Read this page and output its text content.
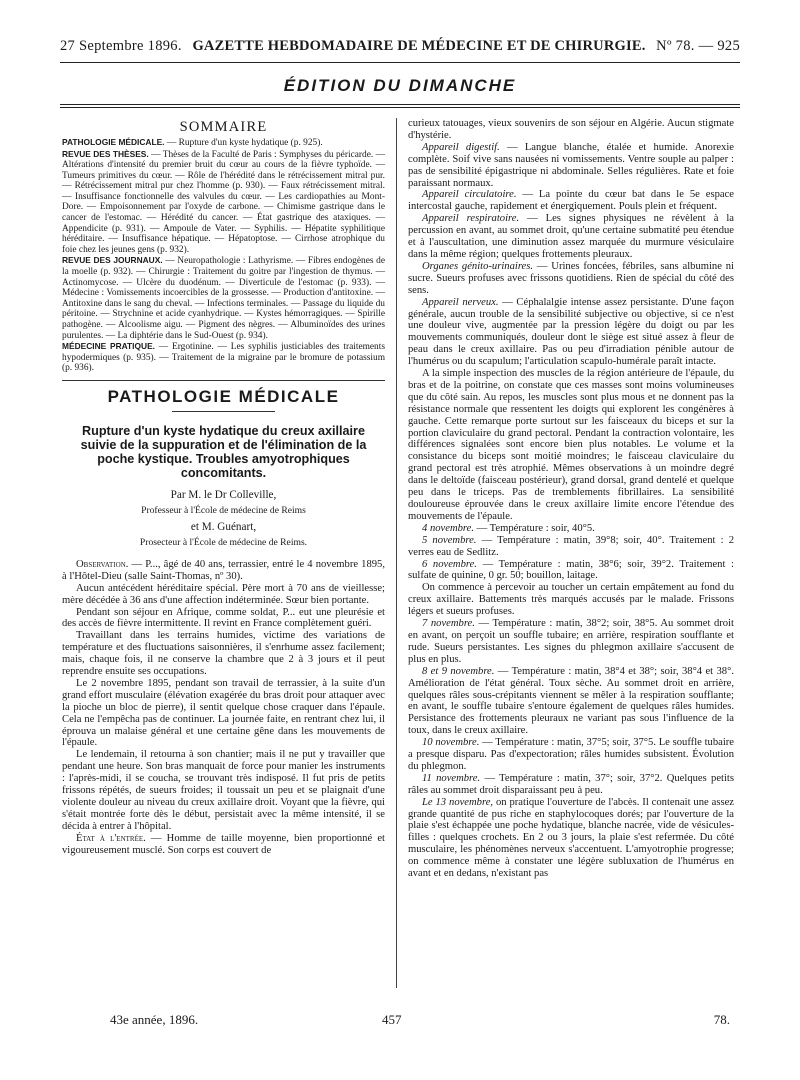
27 Septembre 1896. GAZETTE HEBDOMADAIRE DE MÉDECINE ET DE CHIRURGIE. Nº 78. — 925
ÉDITION DU DIMANCHE
SOMMAIRE

PATHOLOGIE MÉDICALE. — Rupture d'un kyste hydatique (p. 925).

REVUE DES THÈSES. — Thèses de la Faculté de Paris : Symphyses du péricarde. — Altérations d'intensité du premier bruit du cœur au cours de la fièvre typhoïde. — Tumeurs primitives du cœur. — Rôle de l'hérédité dans le rétrécissement mitral pur. — Rétrécissement mitral pur chez l'homme (p. 930). — Faux rétrécissement mitral. — Insuffisance fonctionnelle des valvules du cœur. — Les cardiopathies au Mont-Dore. — Empoisonnement par l'oxyde de carbone. — Chimisme gastrique dans le cancer de l'estomac. — Hérédité du cancer. — État gastrique des ataxiques. — Appendicite (p. 931). — Ampoule de Vater. — Syphilis. — Hépatite syphilitique héréditaire. — Insuffisance hépatique. — Hépatoptose. — Cirrhose atrophique du foie chez les jeunes gens (p. 932).

REVUE DES JOURNAUX. — Neuropathologie : Lathyrisme. — Fibres endogènes de la moelle (p. 932). — Chirurgie : Traitement du goitre par l'ingestion de thymus. — Actinomycose. — Ulcère du duodénum. — Diverticule de l'estomac (p. 933). — Médecine : Vomissements incoercibles de la grossesse. — Production d'antitoxine. — Antitoxine dans le sang du cheval. — Infections terminales. — Passage du liquide du péritoine. — Strychnine et acide cyanhydrique. — Kystes hémorragiques. — Spirille pathogène. — Alcoolisme aigu. — Pigment des nègres. — Albuminoïdes des urines purulentes. — La diphtérie dans le Sud-Ouest (p. 934).

MÉDECINE PRATIQUE. — Ergotinine. — Les syphilis justiciables des traitements hypodermiques (p. 935). — Traitement de la migraine par le bromure de potassium (p. 936).

PATHOLOGIE MÉDICALE
Rupture d'un kyste hydatique du creux axillaire suivie de la suppuration et de l'élimination de la poche kystique. Troubles amyotrophiques concomitants.
Par M. le Dr Colleville,
Professeur à l'École de médecine de Reims
et M. Guénart,
Prosecteur à l'École de médecine de Reims.

Observation. — P..., âgé de 40 ans, terrassier, entré le 4 novembre 1895, à l'Hôtel-Dieu (salle Saint-Thomas, nº 30).

Aucun antécédent héréditaire spécial. Père mort à 70 ans de vieillesse; mère décédée à 36 ans d'une affection indéterminée. Sœur bien portante.

Pendant son séjour en Afrique, comme soldat, P... eut une pleurésie et des accès de fièvre intermittente. Il revint en France complètement guéri.

Travaillant dans les terrains humides, victime des variations de température et des fluctuations saisonnières, il s'enrhume assez facilement; mais, chaque fois, il ne conserve la chambre que 2 à 3 jours et il peut reprendre ensuite ses occupations.

Le 2 novembre 1895, pendant son travail de terrassier, à la suite d'un grand effort musculaire (élévation exagérée du bras droit pour attaquer avec la pioche un bloc de pierre), il sentit quelque chose craquer dans l'épaule. Cela ne l'empêcha pas de continuer. La journée faite, en rentrant chez lui, il éprouva un malaise général et une certaine gêne dans les mouvements de l'épaule.

Le lendemain, il retourna à son chantier; mais il ne put y travailler que pendant une heure. Son bras manquait de force pour manier les instruments : l'après-midi, il se coucha, se trouvant très indisposé. Il fut pris de petits frissons répétés, de sueurs froides; il toussait un peu et se plaignait d'une violente douleur au niveau du creux axillaire droit. Voyant que la fièvre, qui s'était montrée forte dès le début, persistait avec la même intensité, il se décida à entrer à l'hôpital.

État à l'entrée. — Homme de taille moyenne, bien proportionné et vigoureusement musclé. Son corps est couvert de

curieux tatouages, vieux souvenirs de son séjour en Algérie. Aucun stigmate d'hystérie.

Appareil digestif. — Langue blanche, étalée et humide. Anorexie complète. Soif vive sans nausées ni vomissements. Ventre souple au palper : pas de sensibilité épigastrique ni abdominale. Selles régulières. Rate et foie paraissant normaux.

Appareil circulatoire. — La pointe du cœur bat dans le 5e espace intercostal gauche, rapidement et énergiquement. Pouls plein et fréquent.

Appareil respiratoire. — Les signes physiques ne révèlent à la percussion en avant, au sommet droit, qu'une certaine submatité peu étendue et à l'auscultation, une diminution assez marquée du murmure vésiculaire dans la même région; quelques frottements pleuraux.

Organes génito-urinaires. — Urines foncées, fébriles, sans albumine ni sucre. Sueurs profuses avec frissons quotidiens. Rien de spécial du côté des sens.

Appareil nerveux. — Céphalalgie intense assez persistante. D'une façon générale, aucun trouble de la sensibilité subjective ou objective, si ce n'est une douleur vive, augmentée par la pression légère du doigt ou par les mouvements communiqués, douleur dont le siège est situé assez à fleur de peau dans le creux axillaire. Pas ou peu d'irradiation pénible autour de l'humérus ou du scapulum; l'articulation scapulo-humérale paraît intacte.

A la simple inspection des muscles de la région antérieure de l'épaule, du bras et de la poitrine, on constate que ces masses sont moins volumineuses que du côté sain. Au repos, les muscles sont plus mous et ne donnent pas la résistance normale que ressentent les doigts qui explorent les congénères à gauche. Cette remarque porte surtout sur les faisceaux du biceps et sur la portion claviculaire du grand pectoral. Pendant la contraction volontaire, les différences signalées sont encore bien plus notables. Le volume et la consistance du biceps sont moitié moindres; le faisceau claviculaire du grand pectoral est très atrophié. Mêmes observations à un moindre degré dans le deltoïde (faisceau postérieur), grand dorsal, grand dentelé et quelque peu dans le triceps. Pas de tremblements fibrillaires. La sensibilité douloureuse éprouvée dans le creux axillaire limite encore l'étendue des mouvements de l'épaule.

4 novembre. — Température : soir, 40°5.

5 novembre. — Température : matin, 39°8; soir, 40°. Traitement : 2 verres eau de Sedlitz.

6 novembre. — Température : matin, 38°6; soir, 39°2. Traitement : sulfate de quinine, 0 gr. 50; bouillon, laitage.

On commence à percevoir au toucher un certain empâtement au fond du creux axillaire. Battements très marqués accusés par le malade. Frissons légers et sueurs profuses.

7 novembre. — Température : matin, 38°2; soir, 38°5. Au sommet droit en avant, on perçoit un souffle tubaire; en arrière, respiration soufflante et rude. Sueurs persistantes. Les signes du phlegmon axillaire s'accusent de plus en plus.

8 et 9 novembre. — Température : matin, 38°4 et 38°; soir, 38°4 et 38°. Amélioration de l'état général. Toux sèche. Au sommet droit en arrière, quelques râles sous-crépitants viennent se mêler à la respiration soufflante; en avant, le souffle tubaire s'entoure également de quelques râles humides. Persistance des frottements pleuraux ne variant pas sous l'influence de la toux, dans le creux axillaire.

10 novembre. — Température : matin, 37°5; soir, 37°5. Le souffle tubaire a presque disparu. Pas d'expectoration; râles humides subsistent. Évolution du phlegmon.

11 novembre. — Température : matin, 37°; soir, 37°2. Quelques petits râles au sommet droit disparaissant peu à peu.

Le 13 novembre, on pratique l'ouverture de l'abcès. Il contenait une assez grande quantité de pus riche en staphylocoques dorés; par l'ouverture de la plaie s'est échappée une poche hydatique, blanche nacrée, vide de vésicules-filles : quelques crochets. En 2 ou 3 jours, la plaie s'est refermée. Du côté musculaire, les phénomènes nerveux s'accentuent. L'amyotrophie progresse; on commence même à constater une légère subluxation de l'humérus en avant et en dedans, n'existant pas

43e année, 1896.	457	78.
